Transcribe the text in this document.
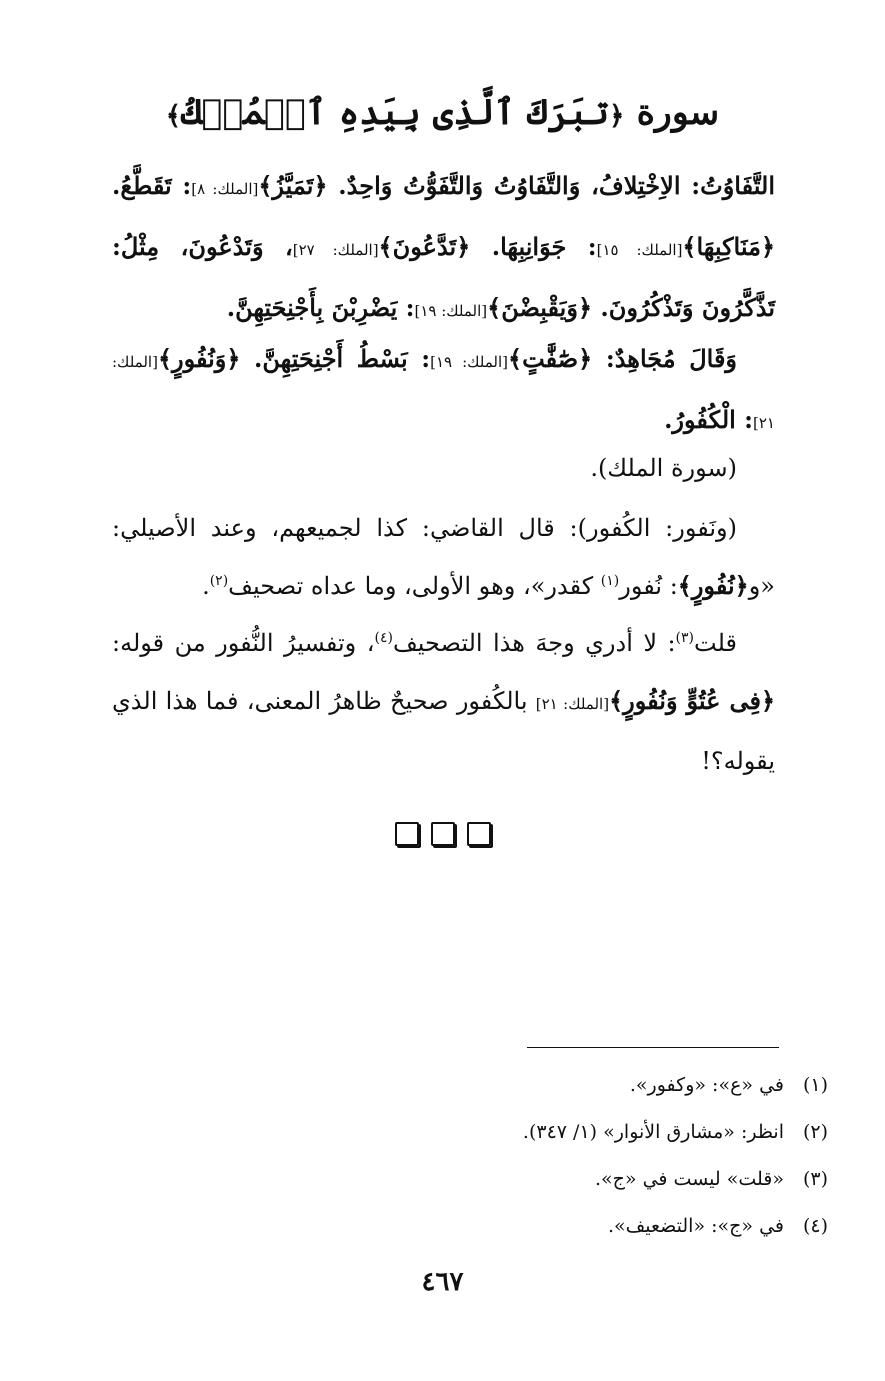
سورة ﴿تبَرَكَ ٱلَّذِى بِيَدِهِ ٱلۡمُلۡكُ﴾
التَّفَاوُتُ: الاِخْتِلافُ، وَالتَّفَاوُتُ وَالتَّفَوُّتُ وَاحِدٌ. ﴿تَمَيَّزُ﴾[الملك: ٨]: تَقَطَّعُ. ﴿مَنَاكِبِهَا﴾[الملك: ١٥]: جَوَانِبِهَا. ﴿تَدَّعُونَ﴾[الملك: ٢٧]، وَتَدْعُونَ، مِثْلُ: تَذَّكَّرُونَ وَتَذْكُرُونَ. ﴿وَيَقْبِضْنَ﴾[الملك: ١٩]: يَضْرِبْنَ بِأَجْنِحَتِهِنَّ.
وَقَالَ مُجَاهِدٌ: ﴿صَٰٓفَّٰتٍ﴾[الملك: ١٩]: بَسْطُ أَجْنِحَتِهِنَّ. ﴿وَنُفُورٍ﴾[الملك: ٢١]: الْكُفُورُ.
(سورة الملك).
(ونَفور: الكُفور): قال القاضي: كذا لجميعهم، وعند الأصيلي: «و﴿نُفُورٍ﴾: نُفور$^{(١)}$ كقدر»، وهو الأولى، وما عداه تصحيف$^{(٢)}$.
قلت$^{(٣)}$: لا أدري وجهَ هذا التصحيف$^{(٤)}$، وتفسيرُ النُّفور من قوله: ﴿فِى عُتُوٍّ وَنُفُورٍ﴾[الملك: ٢١] بالكُفور صحيحٌ ظاهرُ المعنى، فما هذا الذي يقوله؟!
(١)في «ع»: «وكفور».
(٢)انظر: «مشارق الأنوار» (١/ ٣٤٧).
(٣)«قلت» ليست في «ج».
(٤)في «ج»: «التضعيف».
٤٦٧
